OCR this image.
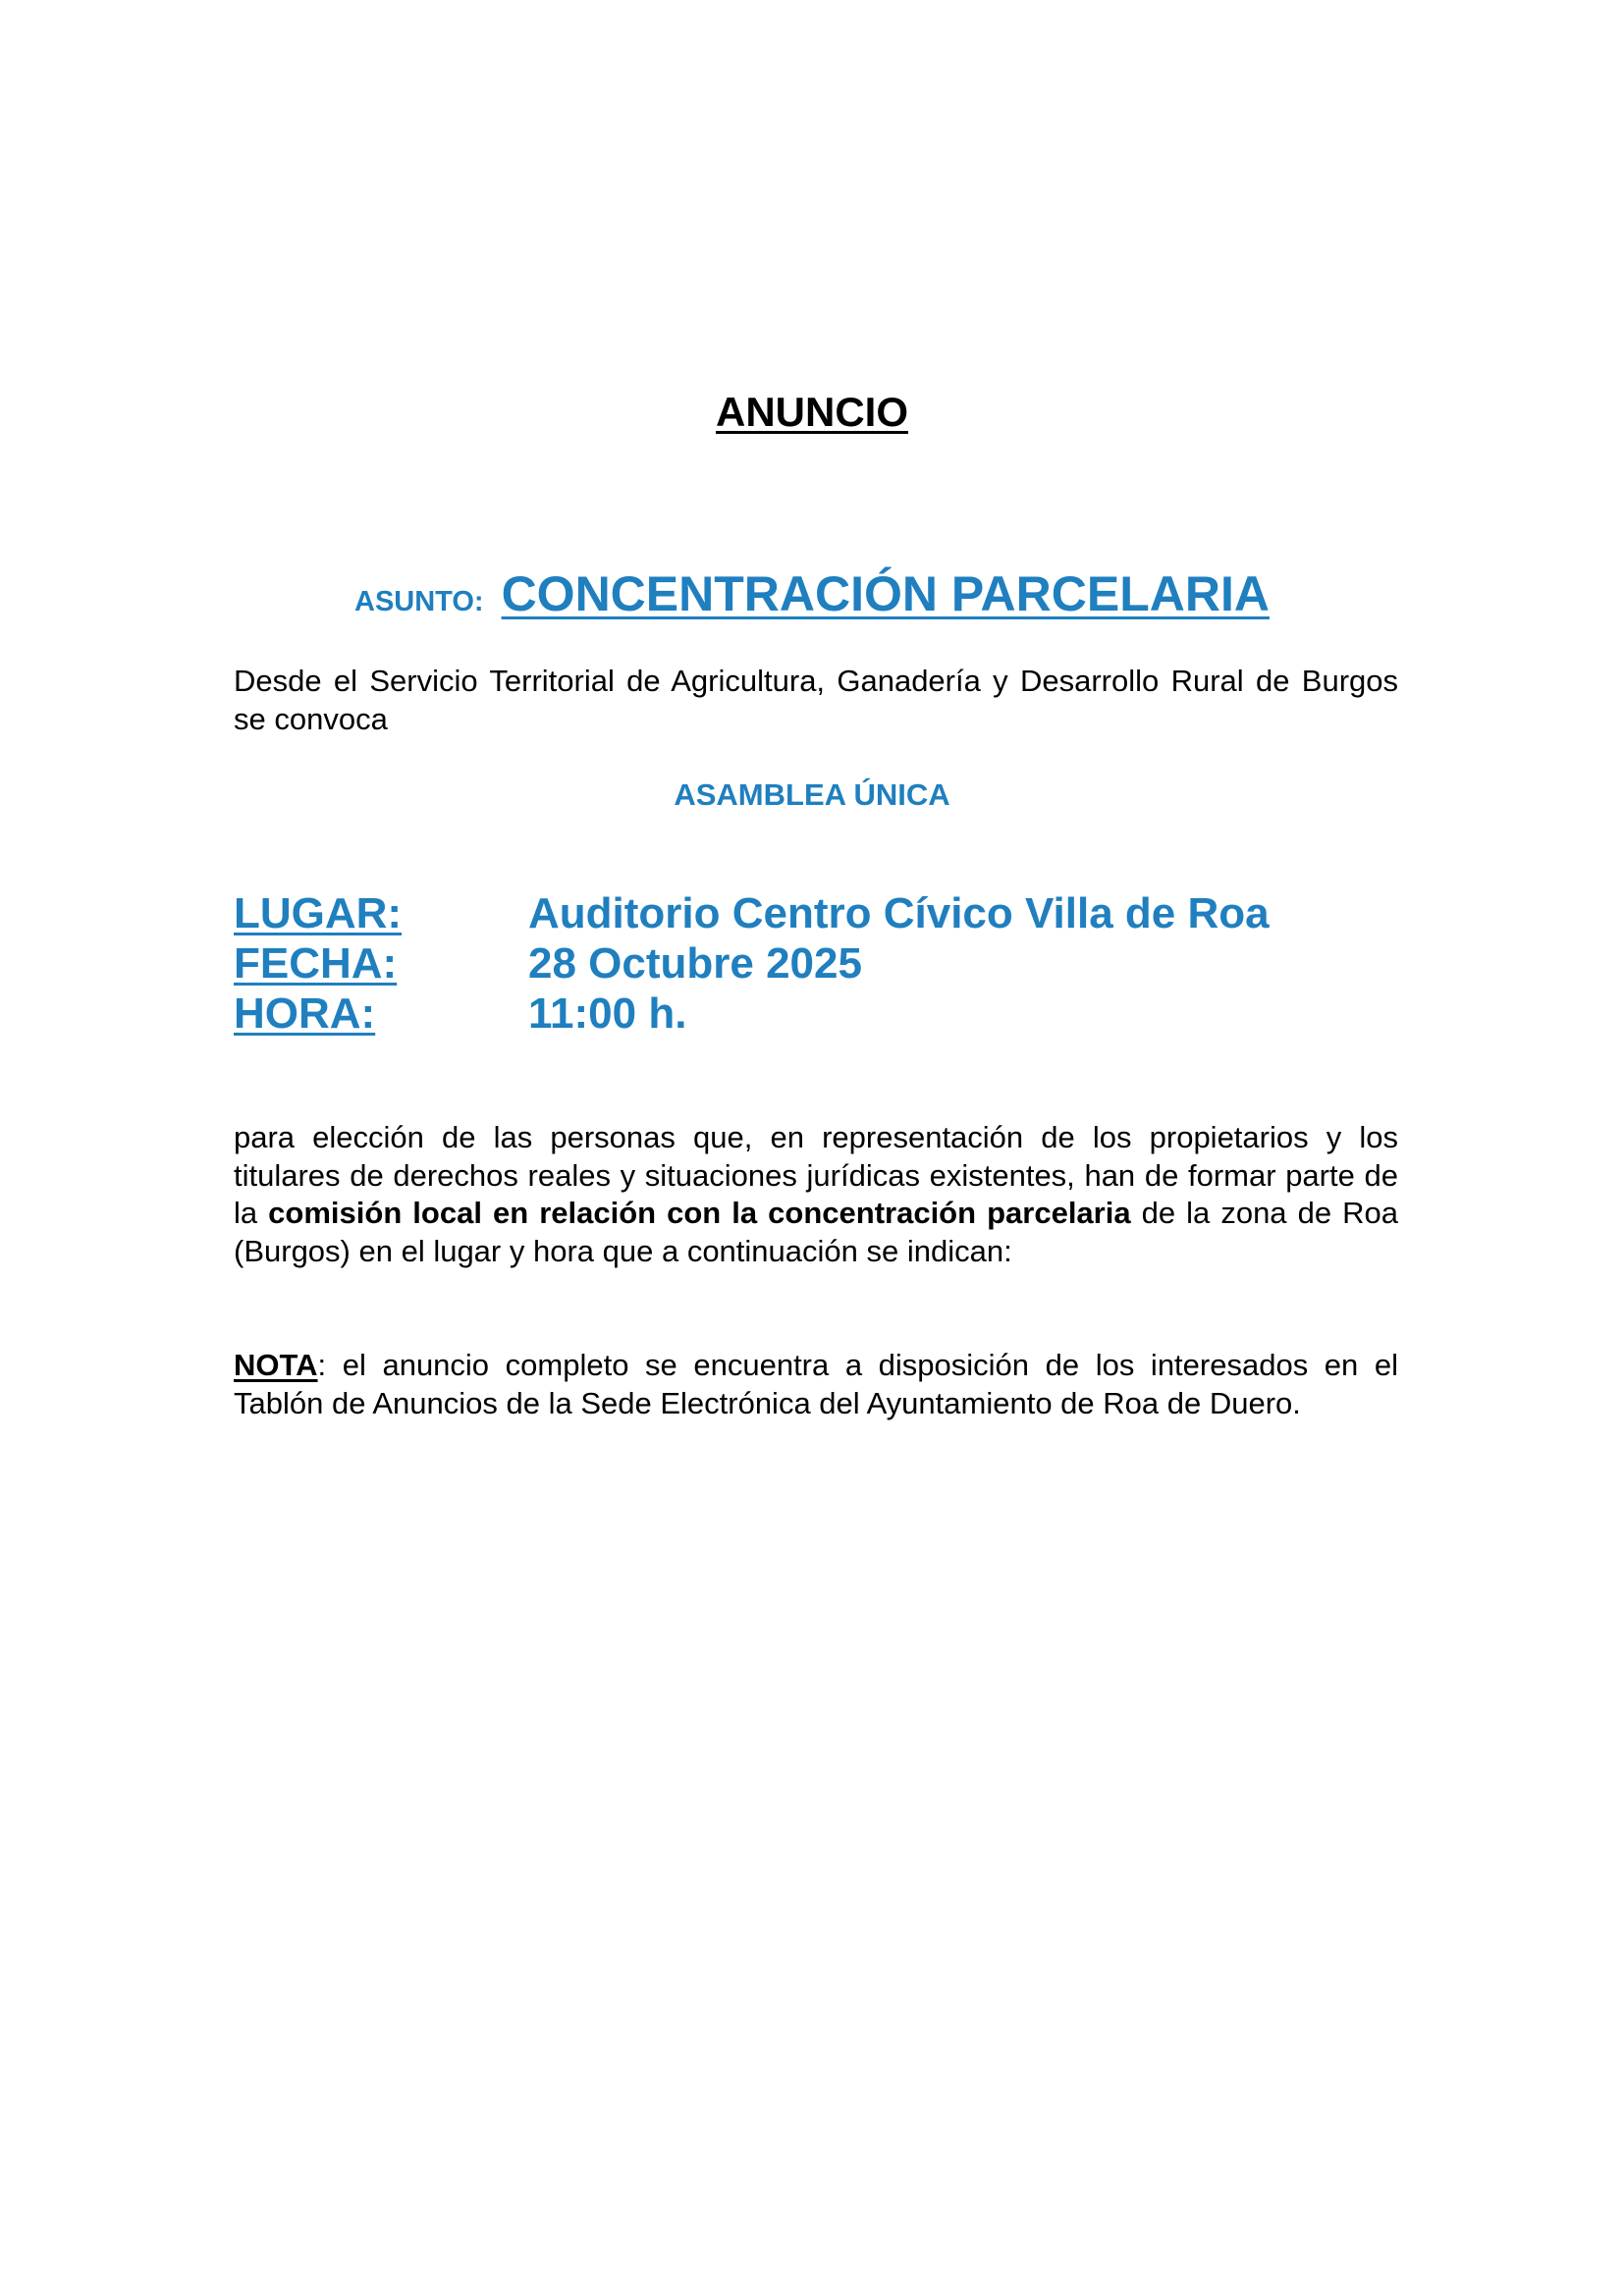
ANUNCIO
ASUNTO: CONCENTRACIÓN PARCELARIA
Desde el Servicio Territorial de Agricultura, Ganadería y Desarrollo Rural de Burgos se convoca
ASAMBLEA ÚNICA
LUGAR:	Auditorio Centro Cívico Villa de Roa
FECHA:	28 Octubre 2025
HORA:	11:00 h.
para elección de las personas que, en representación de los propietarios y los titulares de derechos reales y situaciones jurídicas existentes, han de formar parte de la comisión local en relación con la concentración parcelaria de la zona de Roa (Burgos) en el lugar y hora que a continuación se indican:
NOTA: el anuncio completo se encuentra a disposición de los interesados en el Tablón de Anuncios de la Sede Electrónica del Ayuntamiento de Roa de Duero.
